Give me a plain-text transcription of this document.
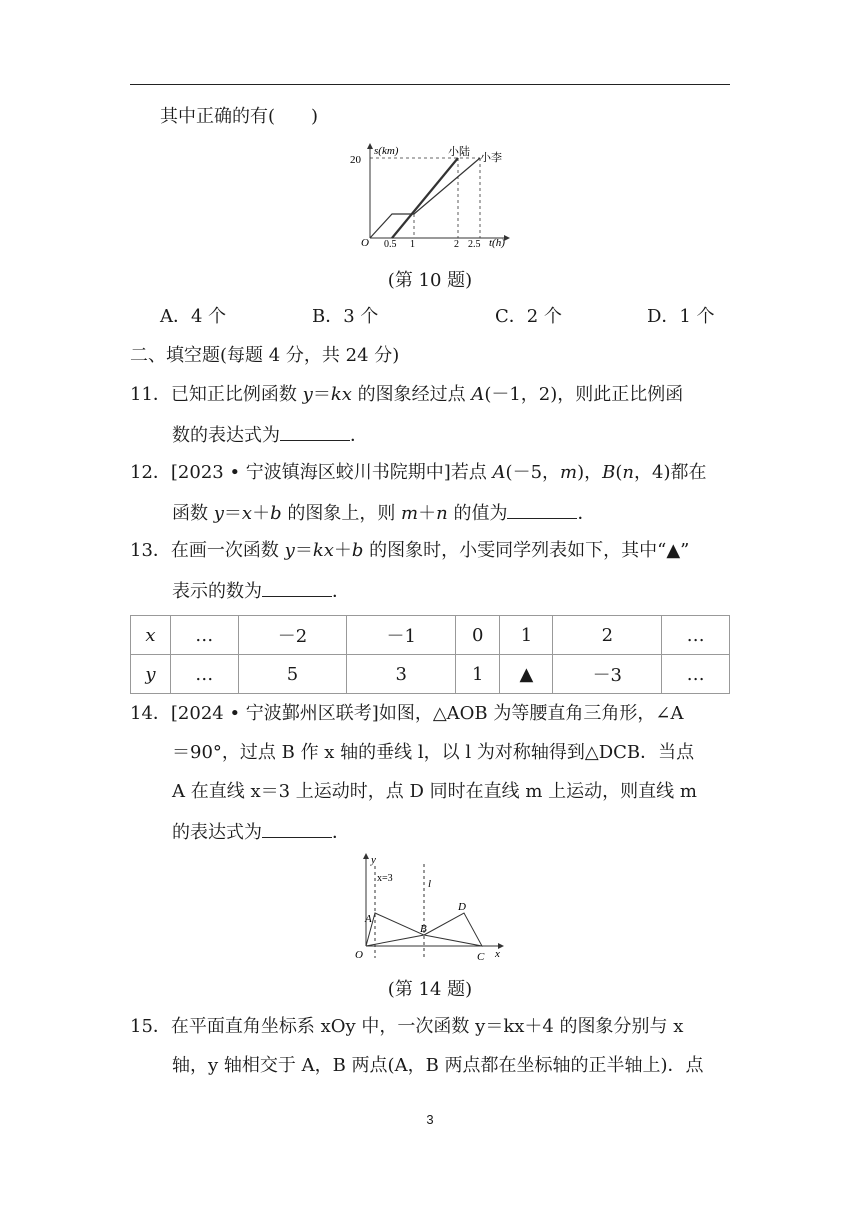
其中正确的有(　　)
s(km)
t(h)
20
O 0.5 1	2 2.5
小陆 小李
(第 10 题)
A．4 个	B．3 个	C．2 个	D．1 个
二、填空题(每题 4 分，共 24 分)
11．已知正比例函数 y＝kx 的图象经过点 A(－1，2)，则此正比例函
数的表达式为	．
12．[2023 • 宁波镇海区蛟川书院期中]若点 A(－5，m)，B(n，4)都在
函数 y＝x＋b 的图象上，则 m＋n 的值为	．
13．在画一次函数 y＝kx＋b 的图象时，小雯同学列表如下，其中“▲”
表示的数为	．
x	…	－2	－1	0	1	2	…
y	…	5	3	1	▲	－3	…
14．[2024 • 宁波鄞州区联考]如图，△AOB 为等腰直角三角形，∠A
＝90°，过点 B 作 x 轴的垂线 l，以 l 为对称轴得到△DCB．当点
A 在直线 x＝3 上运动时，点 D 同时在直线 m 上运动，则直线 m
的表达式为	．
y
x
O
A
B
C
D
l
x=3
(第 14 题)
15．在平面直角坐标系 xOy 中，一次函数 y＝kx＋4 的图象分别与 x
轴，y 轴相交于 A，B 两点(A，B 两点都在坐标轴的正半轴上)．点
3
